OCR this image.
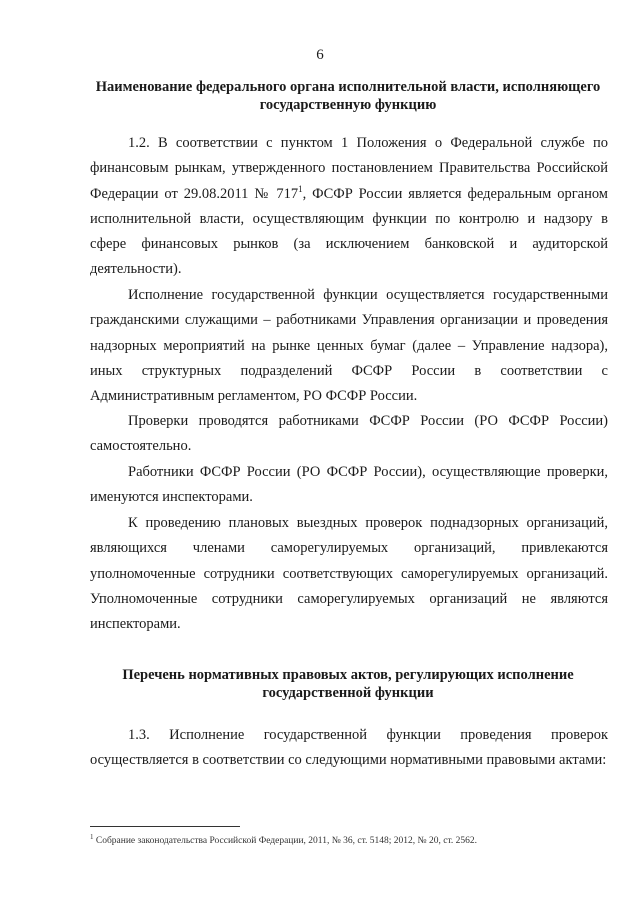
6
Наименование федерального органа исполнительной власти, исполняющего
государственную функцию

1.2. В соответствии с пунктом 1 Положения о Федеральной службе по финансовым рынкам, утвержденного постановлением Правительства Российской Федерации от 29.08.2011 № $717^1$, ФСФР России является федеральным органом исполнительной власти, осуществляющим функции по контролю и надзору в сфере финансовых рынков (за исключением банковской и аудиторской деятельности).

Исполнение государственной функции осуществляется государственными гражданскими служащими – работниками Управления организации и проведения надзорных мероприятий на рынке ценных бумаг (далее – Управление надзора), иных структурных подразделений ФСФР России в соответствии с Административным регламентом, РО ФСФР России.

Проверки проводятся работниками ФСФР России (РО ФСФР России) самостоятельно.

Работники ФСФР России (РО ФСФР России), осуществляющие проверки, именуются инспекторами.

К проведению плановых выездных проверок поднадзорных организаций, являющихся членами саморегулируемых организаций, привлекаются уполномоченные сотрудники соответствующих саморегулируемых организаций. Уполномоченные сотрудники саморегулируемых организаций не являются инспекторами.

Перечень нормативных правовых актов, регулирующих исполнение
государственной функции

1.3. Исполнение государственной функции проведения проверок осуществляется в соответствии со следующими нормативными правовыми актами:

$^1$ Собрание законодательства Российской Федерации, 2011, № 36, ст. 5148; 2012, № 20, ст. 2562.
